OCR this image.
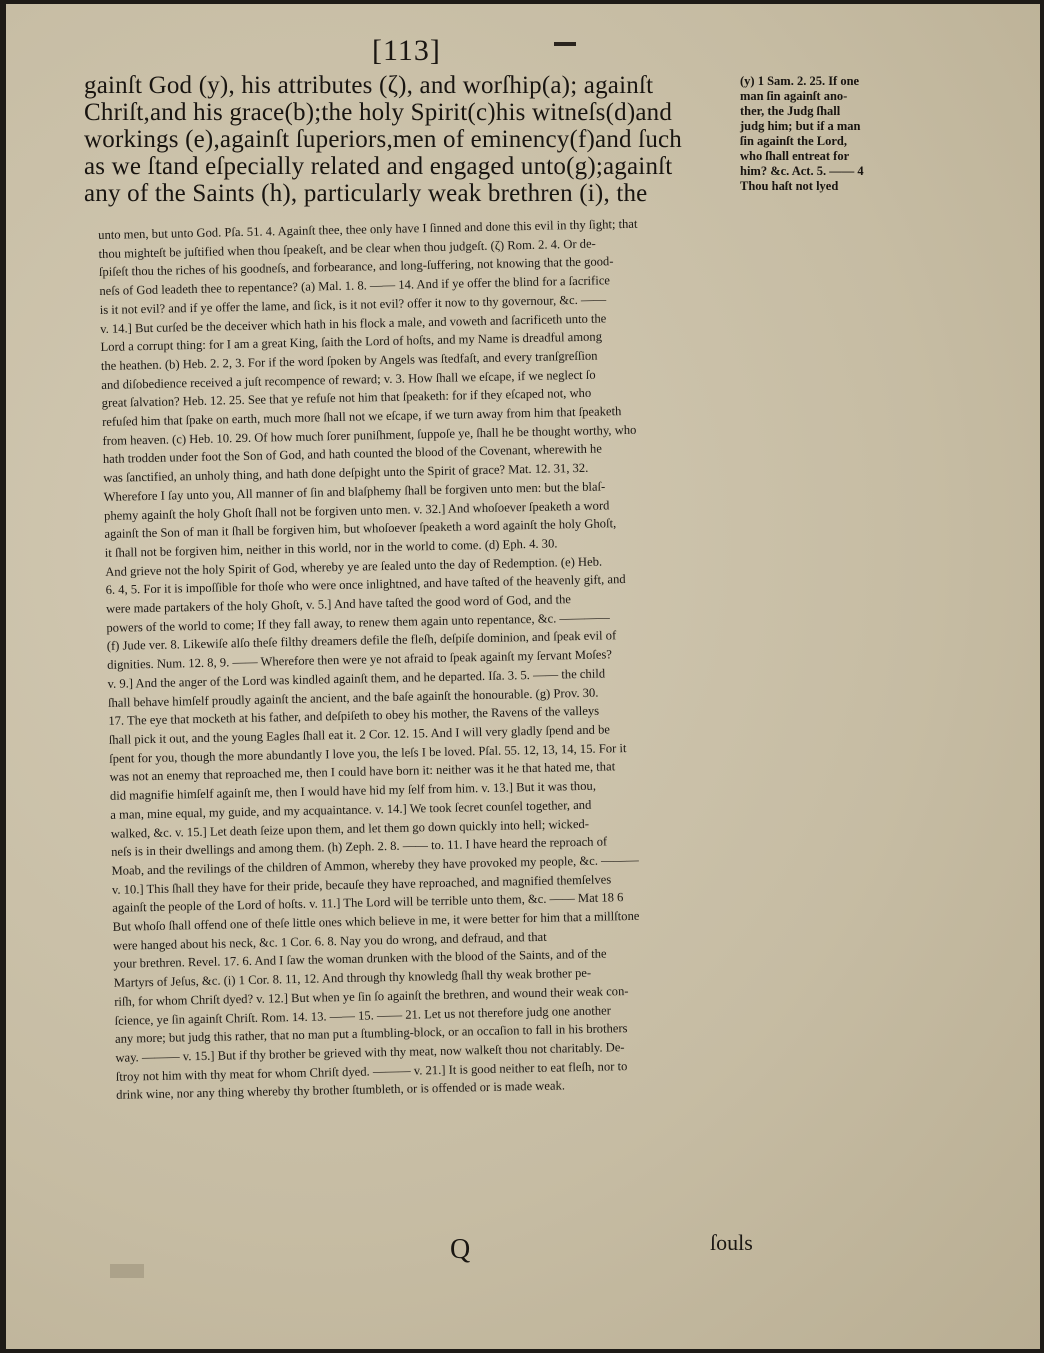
[113]
gainſt God (y), his attributes (ζ), and worſhip(a); againſt
Chriſt,and his grace(b);the holy Spirit(c)his witneſs(d)and
workings (e),againſt ſuperiors,men of eminency(f)and ſuch
as we ſtand eſpecially related and engaged unto(g);againſt
any of the Saints (h), particularly weak brethren (i), the
(y) 1 Sam. 2. 25. If one
man ſin againſt ano-
ther, the Judg ſhall
judg him; but if a man
ſin againſt the Lord,
who ſhall entreat for
him? &c. Act. 5. —— 4
Thou haſt not lyed
unto men, but unto God. Pſa. 51. 4. Againſt thee, thee only have I ſinned and done this evil in thy ſight; that
thou mighteſt be juſtified when thou ſpeakeſt, and be clear when thou judgeſt. (ζ) Rom. 2. 4. Or de-
ſpiſeſt thou the riches of his goodneſs, and forbearance, and long-ſuffering, not knowing that the good-
neſs of God leadeth thee to repentance? (a) Mal. 1. 8. —— 14. And if ye offer the blind for a ſacrifice
is it not evil? and if ye offer the lame, and ſick, is it not evil? offer it now to thy governour, &c. ——
v. 14.] But curſed be the deceiver which hath in his flock a male, and voweth and ſacrificeth unto the
Lord a corrupt thing: for I am a great King, ſaith the Lord of hoſts, and my Name is dreadful among
the heathen. (b) Heb. 2. 2, 3. For if the word ſpoken by Angels was ſtedfaſt, and every tranſgreſſion
and diſobedience received a juſt recompence of reward; v. 3. How ſhall we eſcape, if we neglect ſo
great ſalvation? Heb. 12. 25. See that ye refuſe not him that ſpeaketh: for if they eſcaped not, who
refuſed him that ſpake on earth, much more ſhall not we eſcape, if we turn away from him that ſpeaketh
from heaven. (c) Heb. 10. 29. Of how much ſorer puniſhment, ſuppoſe ye, ſhall he be thought worthy, who
hath trodden under foot the Son of God, and hath counted the blood of the Covenant, wherewith he
was ſanctified, an unholy thing, and hath done deſpight unto the Spirit of grace? Mat. 12. 31, 32.
Wherefore I ſay unto you, All manner of ſin and blaſphemy ſhall be forgiven unto men: but the blaſ-
phemy againſt the holy Ghoſt ſhall not be forgiven unto men. v. 32.] And whoſoever ſpeaketh a word
againſt the Son of man it ſhall be forgiven him, but whoſoever ſpeaketh a word againſt the holy Ghoſt,
it ſhall not be forgiven him, neither in this world, nor in the world to come. (d) Eph. 4. 30.
And grieve not the holy Spirit of God, whereby ye are ſealed unto the day of Redemption. (e) Heb.
6. 4, 5. For it is impoſſible for thoſe who were once inlightned, and have taſted of the heavenly gift, and
were made partakers of the holy Ghoſt, v. 5.] And have taſted the good word of God, and the
powers of the world to come; If they fall away, to renew them again unto repentance, &c. ————
(f) Jude ver. 8. Likewiſe alſo theſe filthy dreamers defile the fleſh, deſpiſe dominion, and ſpeak evil of
dignities. Num. 12. 8, 9. —— Wherefore then were ye not afraid to ſpeak againſt my ſervant Moſes?
v. 9.] And the anger of the Lord was kindled againſt them, and he departed. Iſa. 3. 5. —— the child
ſhall behave himſelf proudly againſt the ancient, and the baſe againſt the honourable. (g) Prov. 30.
17. The eye that mocketh at his father, and deſpiſeth to obey his mother, the Ravens of the valleys
ſhall pick it out, and the young Eagles ſhall eat it. 2 Cor. 12. 15. And I will very gladly ſpend and be
ſpent for you, though the more abundantly I love you, the leſs I be loved. Pſal. 55. 12, 13, 14, 15. For it
was not an enemy that reproached me, then I could have born it: neither was it he that hated me, that
did magnifie himſelf againſt me, then I would have hid my ſelf from him. v. 13.] But it was thou,
a man, mine equal, my guide, and my acquaintance. v. 14.] We took ſecret counſel together, and
walked, &c. v. 15.] Let death ſeize upon them, and let them go down quickly into hell; wicked-
neſs is in their dwellings and among them. (h) Zeph. 2. 8. —— to. 11. I have heard the reproach of
Moab, and the revilings of the children of Ammon, whereby they have provoked my people, &c. ———
v. 10.] This ſhall they have for their pride, becauſe they have reproached, and magnified themſelves
againſt the people of the Lord of hoſts. v. 11.] The Lord will be terrible unto them, &c. —— Mat 18 6
But whoſo ſhall offend one of theſe little ones which believe in me, it were better for him that a millſtone
were hanged about his neck, &c. 1 Cor. 6. 8. Nay you do wrong, and defraud, and that
your brethren. Revel. 17. 6. And I ſaw the woman drunken with the blood of the Saints, and of the
Martyrs of Jeſus, &c. (i) 1 Cor. 8. 11, 12. And through thy knowledg ſhall thy weak brother pe-
riſh, for whom Chriſt dyed? v. 12.] But when ye ſin ſo againſt the brethren, and wound their weak con-
ſcience, ye ſin againſt Chriſt. Rom. 14. 13. —— 15. —— 21. Let us not therefore judg one another
any more; but judg this rather, that no man put a ſtumbling-block, or an occaſion to fall in his brothers
way. ——— v. 15.] But if thy brother be grieved with thy meat, now walkeſt thou not charitably. De-
ſtroy not him with thy meat for whom Chriſt dyed. ——— v. 21.] It is good neither to eat fleſh, nor to
drink wine, nor any thing whereby thy brother ſtumbleth, or is offended or is made weak.
Q	ſouls
